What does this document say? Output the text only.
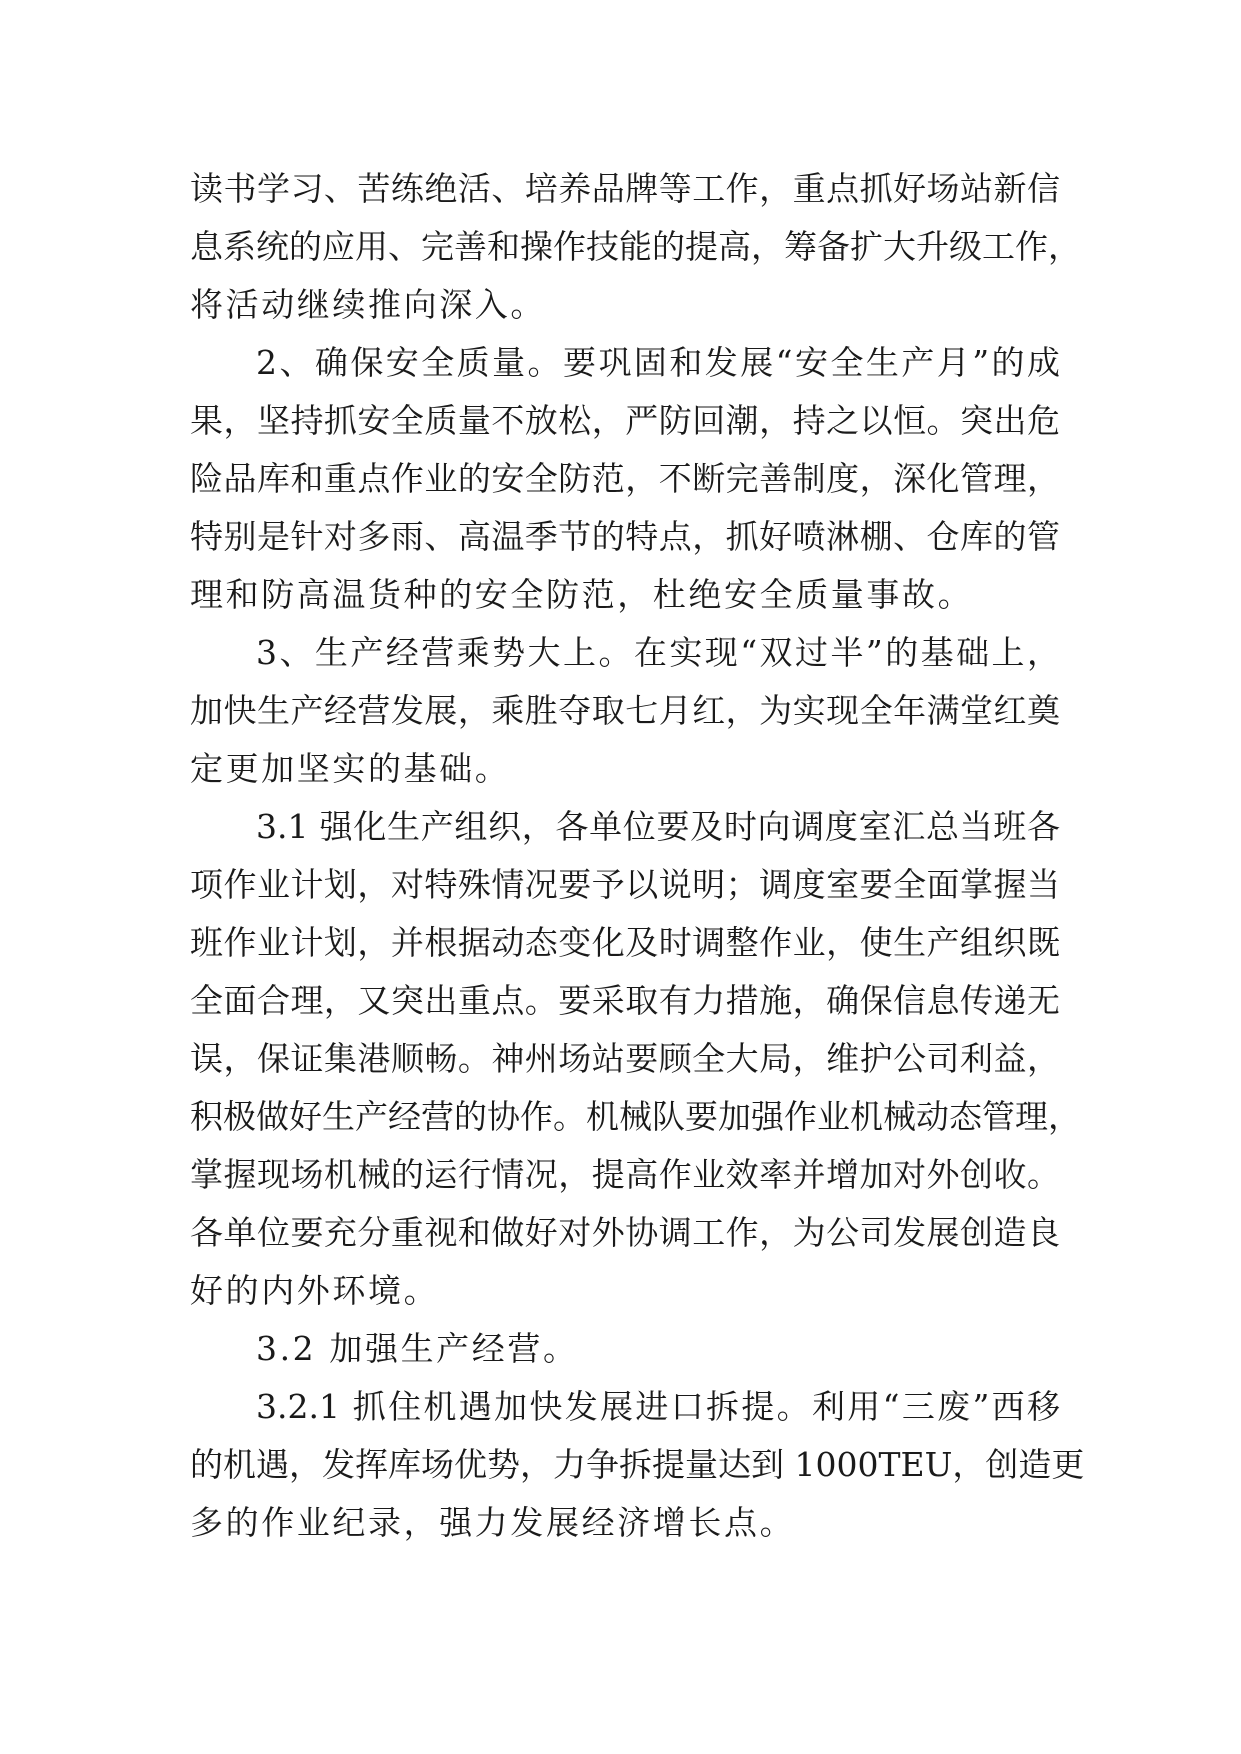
读书学习、苦练绝活、培养品牌等工作，重点抓好场站新信
息系统的应用、完善和操作技能的提高，筹备扩大升级工作，
将活动继续推向深入。
2、确保安全质量。要巩固和发展“安全生产月”的成
果，坚持抓安全质量不放松，严防回潮，持之以恒。突出危
险品库和重点作业的安全防范，不断完善制度，深化管理，
特别是针对多雨、高温季节的特点，抓好喷淋棚、仓库的管
理和防高温货种的安全防范，杜绝安全质量事故。
3、生产经营乘势大上。在实现“双过半”的基础上，
加快生产经营发展，乘胜夺取七月红，为实现全年满堂红奠
定更加坚实的基础。
3.1 强化生产组织，各单位要及时向调度室汇总当班各
项作业计划，对特殊情况要予以说明；调度室要全面掌握当
班作业计划，并根据动态变化及时调整作业，使生产组织既
全面合理，又突出重点。要采取有力措施，确保信息传递无
误，保证集港顺畅。神州场站要顾全大局，维护公司利益，
积极做好生产经营的协作。机械队要加强作业机械动态管理，
掌握现场机械的运行情况，提高作业效率并增加对外创收。
各单位要充分重视和做好对外协调工作，为公司发展创造良
好的内外环境。
3.2 加强生产经营。
3.2.1 抓住机遇加快发展进口拆提。利用“三废”西移
的机遇，发挥库场优势，力争拆提量达到 1000TEU，创造更
多的作业纪录，强力发展经济增长点。
